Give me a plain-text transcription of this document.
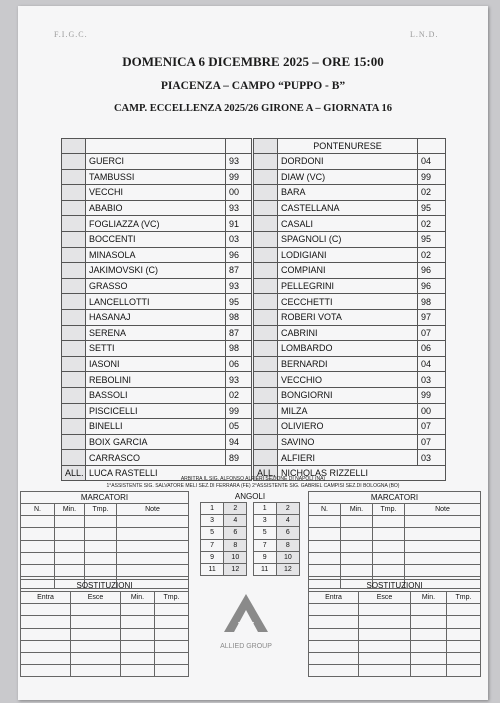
F.I.G.C.	L.N.D.
DOMENICA 6 DICEMBRE 2025 – ORE 15:00
PIACENZA – CAMPO “PUPPO - B”
CAMP. ECCELLENZA 2025/26 GIRONE A – GIORNATA 16

	GUERCI	93
	TAMBUSSI	99
	VECCHI	00
	ABABIO	93
	FOGLIAZZA (VC)	91
	BOCCENTI	03
	MINASOLA	96
	JAKIMOVSKI (C)	87
	GRASSO	93
	LANCELLOTTI	95
	HASANAJ	98
	SERENA	87
	SETTI	98
	IASONI	06
	REBOLINI	93
	BASSOLI	02
	PISCICELLI	99
	BINELLI	05
	BOIX GARCIA	94
	CARRASCO	89
ALL.	LUCA RASTELLI	
	PONTENURESE	
	DORDONI	04
	DIAW (VC)	99
	BARA	02
	CASTELLANA	95
	CASALI	02
	SPAGNOLI (C)	95
	LODIGIANI	02
	COMPIANI	96
	PELLEGRINI	96
	CECCHETTI	98
	ROBERI VOTA	97
	CABRINI	07
	LOMBARDO	06
	BERNARDI	04
	VECCHIO	03
	BONGIORNI	99
	MILZA	00
	OLIVIERO	07
	SAVINO	07
	ALFIERI	03
ALL.	NICHOLAS RIZZELLI	
ARBITRA IL SIG. ALFONSO ALFIERI SEZIONE DI NAPOLI (NA)
1°ASSISTENTE SIG. SALVATORE MELI SEZ.DI FERRARA (FE) 2°ASSISTENTE SIG. GABRIEL CAMPISI SEZ.DI BOLOGNA (BO)
MARCATORI			
N.	Min.	Tmp.	Note

ANGOLI				
1	2		1	2
3	4		3	4
5	6		5	6
7	8		7	8
9	10		9	10
11	12		11	12
MARCATORI			
N.	Min.	Tmp.	Note

SOSTITUZIONI			
Entra	Esce	Min.	Tmp.

ALLIED GROUP
SOSTITUZIONI			
Entra	Esce	Min.	Tmp.
